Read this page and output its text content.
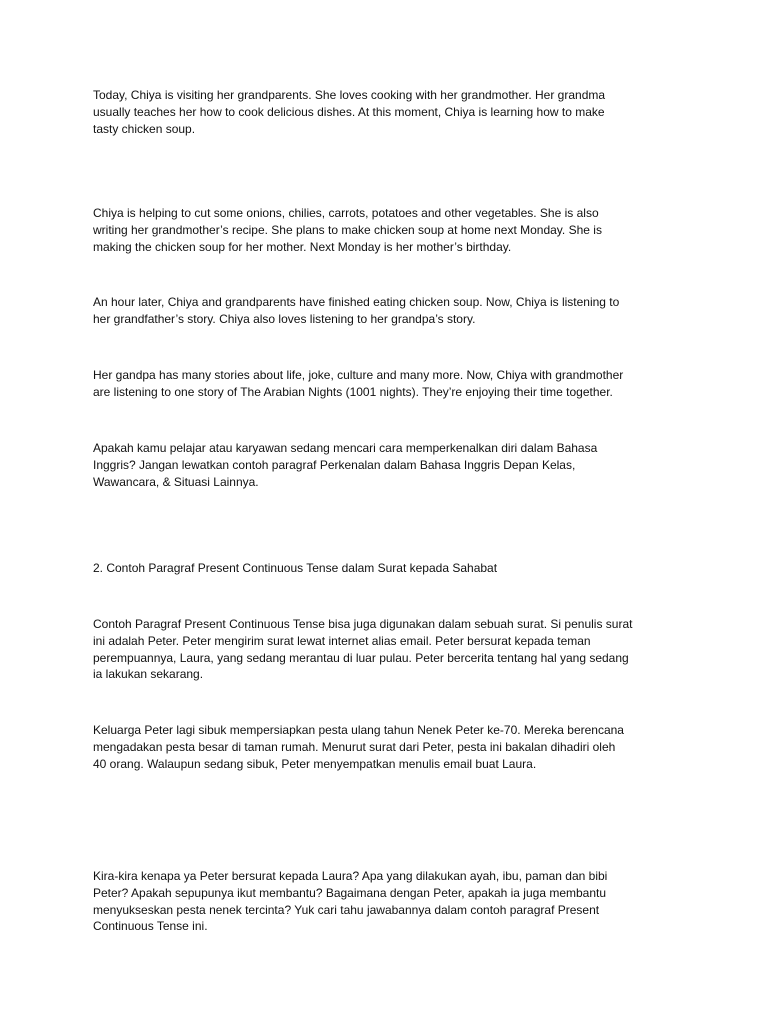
Today, Chiya is visiting her grandparents. She loves cooking with her grandmother. Her grandma
usually teaches her how to cook delicious dishes. At this moment, Chiya is learning how to make
tasty chicken soup.

Chiya is helping to cut some onions, chilies, carrots, potatoes and other vegetables. She is also
writing her grandmother’s recipe. She plans to make chicken soup at home next Monday. She is
making the chicken soup for her mother. Next Monday is her mother’s birthday.

An hour later, Chiya and grandparents have finished eating chicken soup. Now, Chiya is listening to
her grandfather’s story. Chiya also loves listening to her grandpa’s story.

Her gandpa has many stories about life, joke, culture and many more. Now, Chiya with grandmother
are listening to one story of The Arabian Nights (1001 nights). They’re enjoying their time together.

Apakah kamu pelajar atau karyawan sedang mencari cara memperkenalkan diri dalam Bahasa
Inggris? Jangan lewatkan contoh paragraf Perkenalan dalam Bahasa Inggris Depan Kelas,
Wawancara, & Situasi Lainnya.

2. Contoh Paragraf Present Continuous Tense dalam Surat kepada Sahabat

Contoh Paragraf Present Continuous Tense bisa juga digunakan dalam sebuah surat. Si penulis surat
ini adalah Peter. Peter mengirim surat lewat internet alias email. Peter bersurat kepada teman
perempuannya, Laura, yang sedang merantau di luar pulau. Peter bercerita tentang hal yang sedang
ia lakukan sekarang.

Keluarga Peter lagi sibuk mempersiapkan pesta ulang tahun Nenek Peter ke-70. Mereka berencana
mengadakan pesta besar di taman rumah. Menurut surat dari Peter, pesta ini bakalan dihadiri oleh
40 orang. Walaupun sedang sibuk, Peter menyempatkan menulis email buat Laura.

Kira-kira kenapa ya Peter bersurat kepada Laura? Apa yang dilakukan ayah, ibu, paman dan bibi
Peter? Apakah sepupunya ikut membantu? Bagaimana dengan Peter, apakah ia juga membantu
menyukseskan pesta nenek tercinta? Yuk cari tahu jawabannya dalam contoh paragraf Present
Continuous Tense ini.
